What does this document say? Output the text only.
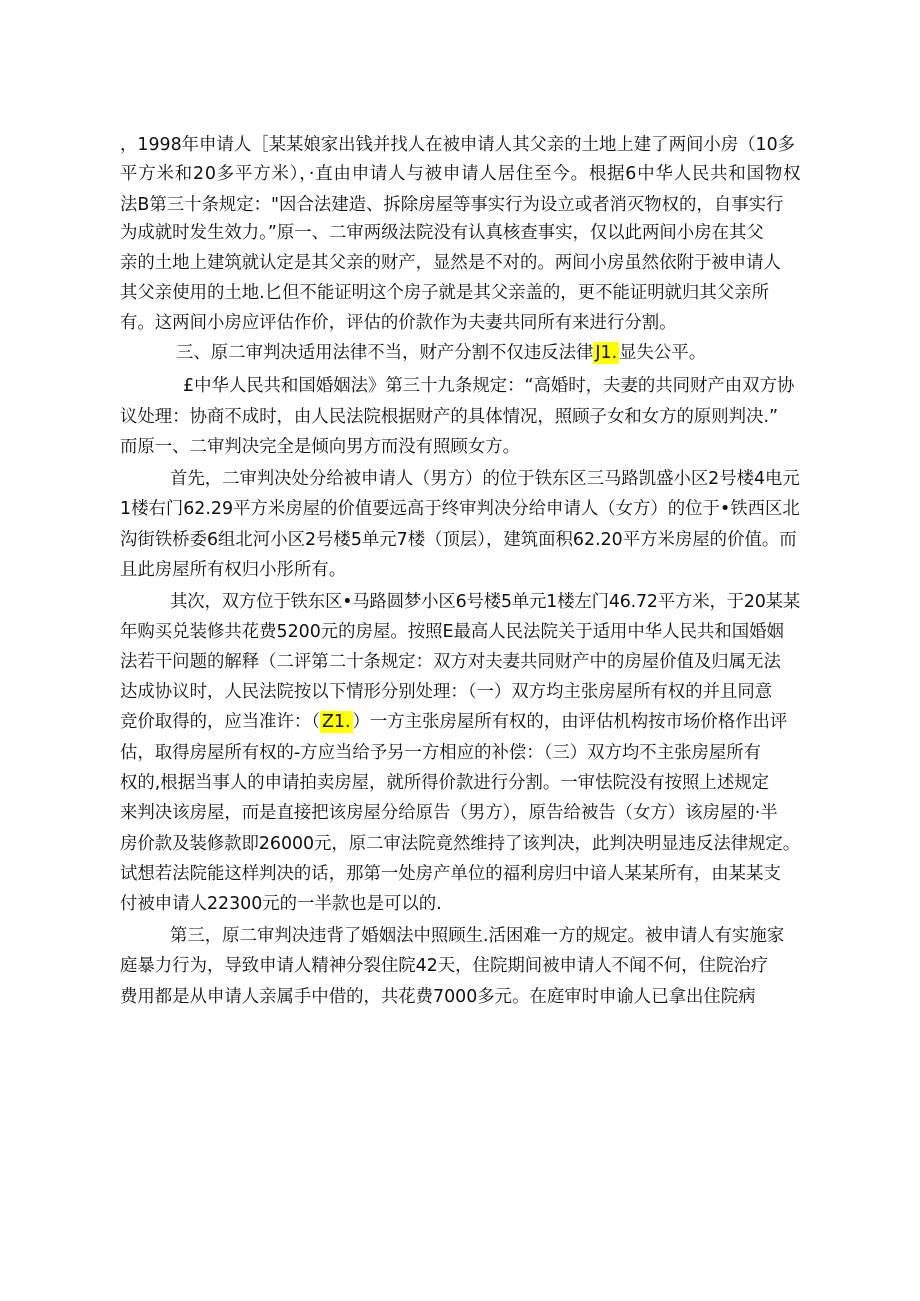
，1998年申请人［某某娘家出钱并找人在被申请人其父亲的土地上建了两间小房（10多
平方米和20多平方米），·直由申请人与被申请人居住至今。根据6中华人民共和国物权
法B第三十条规定："因合法建造、拆除房屋等事实行为设立或者消灭物权的，自事实行
为成就时发生效力。”原一、二审两级法院没有认真核查事实，仅以此两间小房在其父
亲的土地上建筑就认定是其父亲的财产，显然是不对的。两间小房虽然依附于被申请人
其父亲使用的土地.匕但不能证明这个房子就是其父亲盖的，更不能证明就归其父亲所
有。这两间小房应评估作价，评估的价款作为夫妻共同所有来进行分割。
三、原二审判决适用法律不当，财产分割不仅违反法律 J1. 显失公平。
£中华人民共和国婚姻法》第三十九条规定：“高婚时，夫妻的共同财产由双方协
议处理：协商不成时，由人民法院根据财产的具体情况，照顾子女和女方的原则判决.”
而原一、二审判决完全是倾向男方而没有照顾女方。
首先，二审判决处分给被申请人（男方）的位于铁东区三马路凯盛小区2号楼4电元
1楼右门62.29平方米房屋的价值要远高于终审判决分给申请人（女方）的位于•铁西区北
沟街铁桥委6组北河小区2号楼5单元7楼（顶层），建筑面积62.20平方米房屋的价值。而
且此房屋所有权归小彤所有。
其次，双方位于铁东区•马路圆梦小区6号楼5单元1楼左门46.72平方米，于20某某
年购买兑装修共花费5200元的房屋。按照E最高人民法院关于适用中华人民共和国婚姻
法若干问题的解释（二评第二十条规定：双方对夫妻共同财产中的房屋价值及归属无法
达成协议时，人民法院按以下情形分别处理：（一）双方均主张房屋所有权的并且同意
竞价取得的，应当准许：（ Z1. ）一方主张房屋所有权的，由评估机构按市场价格作出评
估，取得房屋所有权的-方应当给予另一方相应的补偿：（三）双方均不主张房屋所有
权的,根据当事人的申请拍卖房屋，就所得价款进行分割。一审怯院没有按照上述规定
来判决该房屋，而是直接把该房屋分给原告（男方），原告给被告（女方）该房屋的·半
房价款及装修款即26000元，原二审法院竟然维持了该判决，此判决明显违反法律规定。
试想若法院能这样判决的话，那第一处房产单位的福利房归中谙人某某所有，由某某支
付被申请人22300元的一半款也是可以的.
第三，原二审判决违背了婚姻法中照顾生.活困难一方的规定。被申请人有实施家
庭暴力行为，导致申请人精神分裂住院42天，住院期间被申请人不闻不何，住院治疗
费用都是从申请人亲属手中借的，共花费7000多元。在庭审时申谕人已拿出住院病
